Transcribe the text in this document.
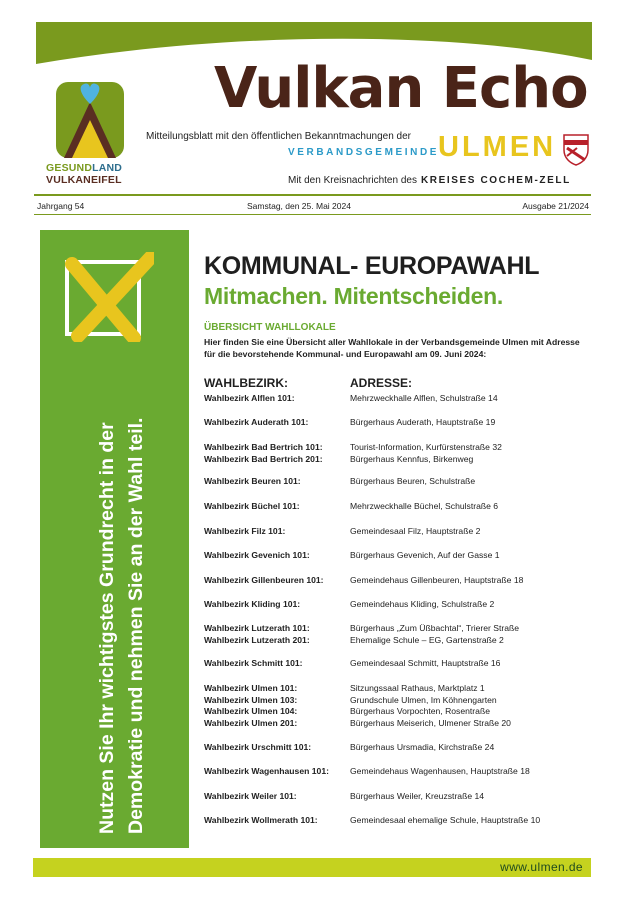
GESUNDLAND
VULKANEIFEL
Vulkan Echo
Mitteilungsblatt mit den öffentlichen Bekanntmachungen der
VERBANDSGEMEINDE
ULMEN
Mit den Kreisnachrichten des KREISES COCHEM-ZELL
Jahrgang 54	Samstag, den 25. Mai 2024	Ausgabe 21/2024
Nutzen Sie Ihr wichtigstes Grundrecht in der Demokratie und nehmen Sie an der Wahl teil.
KOMMUNAL- EUROPAWAHL
Mitmachen. Mitentscheiden.
ÜBERSICHT WAHLLOKALE
Hier finden Sie eine Übersicht aller Wahllokale in der Verbandsgemeinde Ulmen mit Adresse für die bevorstehende Kommunal- und Europawahl am 09. Juni 2024:
WAHLBEZIRK:	ADRESSE:
Wahlbezirk Alflen 101:	Mehrzweckhalle Alflen, Schulstraße 14
Wahlbezirk Auderath 101:	Bürgerhaus Auderath, Hauptstraße 19
Wahlbezirk Bad Bertrich 101:	Tourist-Information, Kurfürstenstraße 32
Wahlbezirk Bad Bertrich 201:	Bürgerhaus Kennfus, Birkenweg
Wahlbezirk Beuren 101:	Bürgerhaus Beuren, Schulstraße
Wahlbezirk Büchel 101:	Mehrzweckhalle Büchel, Schulstraße 6
Wahlbezirk Filz 101:	Gemeindesaal Filz, Hauptstraße 2
Wahlbezirk Gevenich 101:	Bürgerhaus Gevenich, Auf der Gasse 1
Wahlbezirk Gillenbeuren 101:	Gemeindehaus Gillenbeuren, Hauptstraße 18
Wahlbezirk Kliding 101:	Gemeindehaus Kliding, Schulstraße 2
Wahlbezirk Lutzerath 101:	Bürgerhaus „Zum Üßbachtal“, Trierer Straße
Wahlbezirk Lutzerath 201:	Ehemalige Schule – EG, Gartenstraße 2
Wahlbezirk Schmitt 101:	Gemeindesaal Schmitt, Hauptstraße 16
Wahlbezirk Ulmen 101:	Sitzungssaal Rathaus, Marktplatz 1
Wahlbezirk Ulmen 103:	Grundschule Ulmen, Im Köhnengarten
Wahlbezirk Ulmen 104:	Bürgerhaus Vorpochten, Rosentraße
Wahlbezirk Ulmen 201:	Bürgerhaus Meiserich, Ulmener Straße 20
Wahlbezirk Urschmitt 101:	Bürgerhaus Ursmadia, Kirchstraße 24
Wahlbezirk Wagenhausen 101: Gemeindehaus Wagenhausen, Hauptstraße 18
Wahlbezirk Weiler 101:	Bürgerhaus Weiler, Kreuzstraße 14
Wahlbezirk Wollmerath 101:	Gemeindesaal ehemalige Schule, Hauptstraße 10
www.ulmen.de
